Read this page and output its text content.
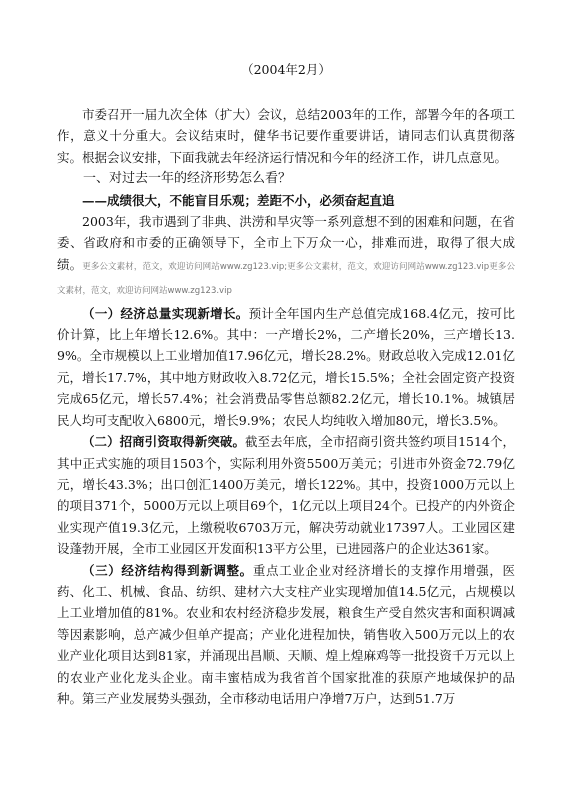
（2004年2月）

市委召开一届九次全体（扩大）会议，总结2003年的工作，部署今年的各项工作，意义十分重大。会议结束时，健华书记要作重要讲话，请同志们认真贯彻落实。根据会议安排，下面我就去年经济运行情况和今年的经济工作，讲几点意见。

一、对过去一年的经济形势怎么看？

——成绩很大，不能盲目乐观；差距不小，必须奋起直追

2003年，我市遇到了非典、洪涝和旱灾等一系列意想不到的困难和问题，在省委、省政府和市委的正确领导下，全市上下万众一心，排难而进，取得了很大成绩。更多公文素材，范文，欢迎访问网站www.zg123.vip;更多公文素材，范文，欢迎访问网站www.zg123.vip更多公文素材，范文，欢迎访问网站www.zg123.vip

（一）经济总量实现新增长。预计全年国内生产总值完成168.4亿元，按可比价计算，比上年增长12.6%。其中：一产增长2%，二产增长20%，三产增长13.9%。全市规模以上工业增加值17.96亿元，增长28.2%。财政总收入完成12.01亿元，增长17.7%，其中地方财政收入8.72亿元，增长15.5%；全社会固定资产投资完成65亿元，增长57.4%；社会消费品零售总额82.2亿元，增长10.1%。城镇居民人均可支配收入6800元，增长9.9%；农民人均纯收入增加80元，增长3.5%。

（二）招商引资取得新突破。截至去年底，全市招商引资共签约项目1514个，其中正式实施的项目1503个，实际利用外资5500万美元；引进市外资金72.79亿元，增长43.3%；出口创汇1400万美元，增长122%。其中，投资1000万元以上的项目371个，5000万元以上项目69个，1亿元以上项目24个。已投产的内外资企业实现产值19.3亿元，上缴税收6703万元，解决劳动就业17397人。工业园区建设蓬勃开展，全市工业园区开发面积13平方公里，已进园落户的企业达361家。

（三）经济结构得到新调整。重点工业企业对经济增长的支撑作用增强，医药、化工、机械、食品、纺织、建材六大支柱产业实现增加值14.5亿元，占规模以上工业增加值的81%。农业和农村经济稳步发展，粮食生产受自然灾害和面积调减等因素影响，总产减少但单产提高；产业化进程加快，销售收入500万元以上的农业产业化项目达到81家，并涌现出昌顺、天顺、煌上煌麻鸡等一批投资千万元以上的农业产业化龙头企业。南丰蜜桔成为我省首个国家批准的获原产地域保护的品种。第三产业发展势头强劲，全市移动电话用户净增7万户，达到51.7万
